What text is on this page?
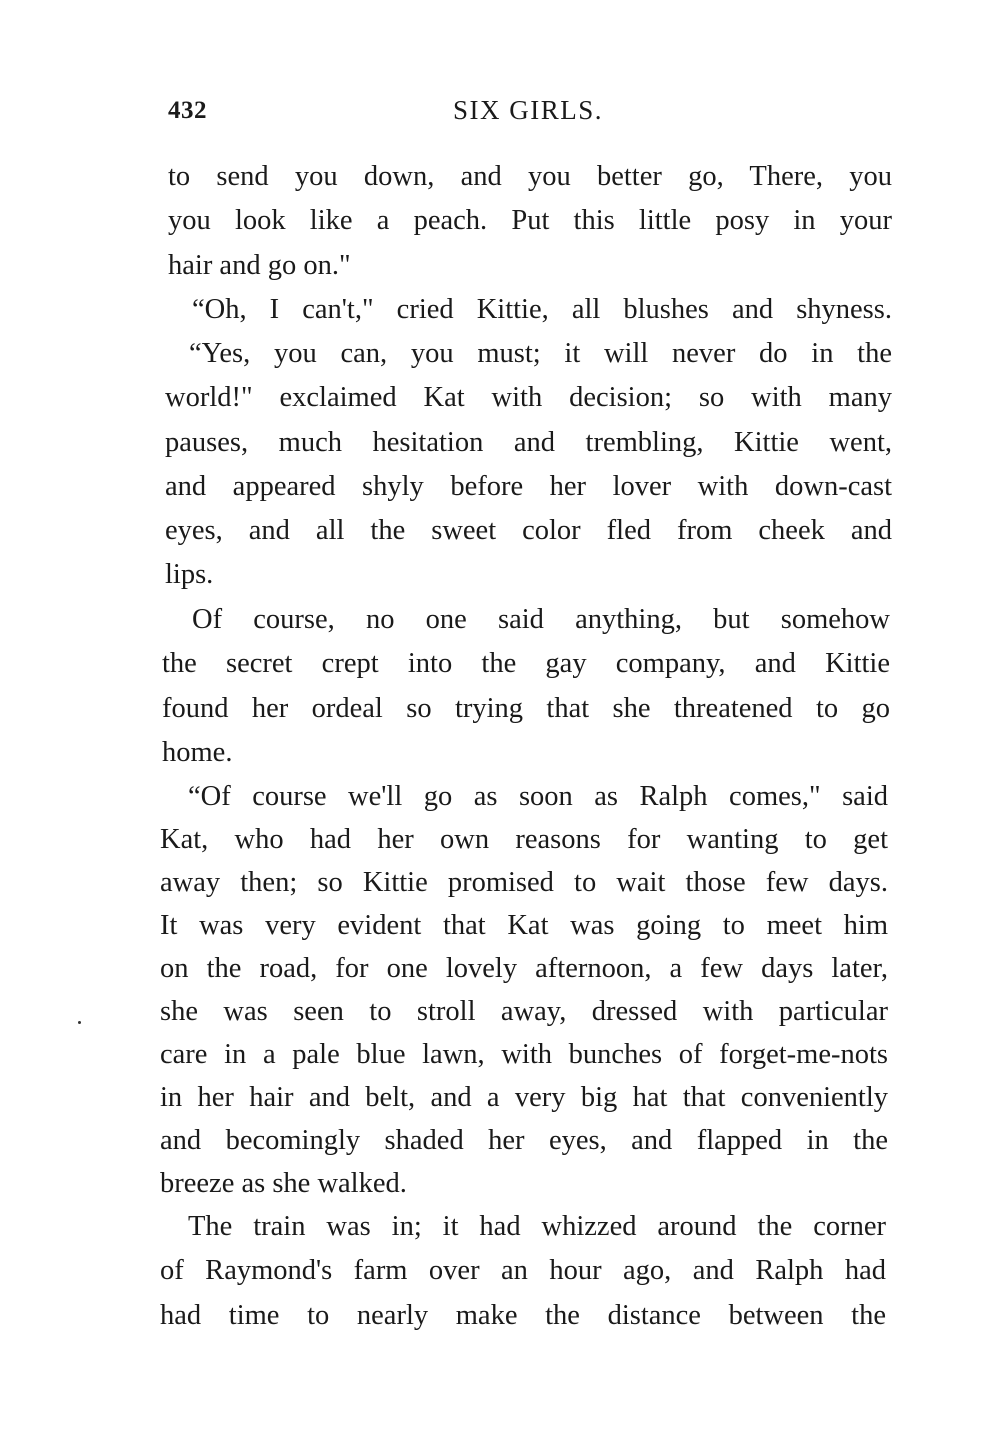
432	SIX GIRLS.
to send you down, and you better go, There, you
you look like a peach. Put this little posy in your
hair and go on."
“Oh, I can't," cried Kittie, all blushes and shyness.
“Yes, you can, you must; it will never do in the
world!" exclaimed Kat with decision; so with many
pauses, much hesitation and trembling, Kittie went,
and appeared shyly before her lover with down-cast
eyes, and all the sweet color fled from cheek and
lips.
Of course, no one said anything, but somehow
the secret crept into the gay company, and Kittie
found her ordeal so trying that she threatened to go
home.
“Of course we'll go as soon as Ralph comes," said
Kat, who had her own reasons for wanting to get
away then; so Kittie promised to wait those few days.
It was very evident that Kat was going to meet him
on the road, for one lovely afternoon, a few days later,
she was seen to stroll away, dressed with particular
care in a pale blue lawn, with bunches of forget-me-nots
in her hair and belt, and a very big hat that conveniently
and becomingly shaded her eyes, and flapped in the
breeze as she walked.
The train was in; it had whizzed around the corner
of Raymond's farm over an hour ago, and Ralph had
had time to nearly make the distance between the
